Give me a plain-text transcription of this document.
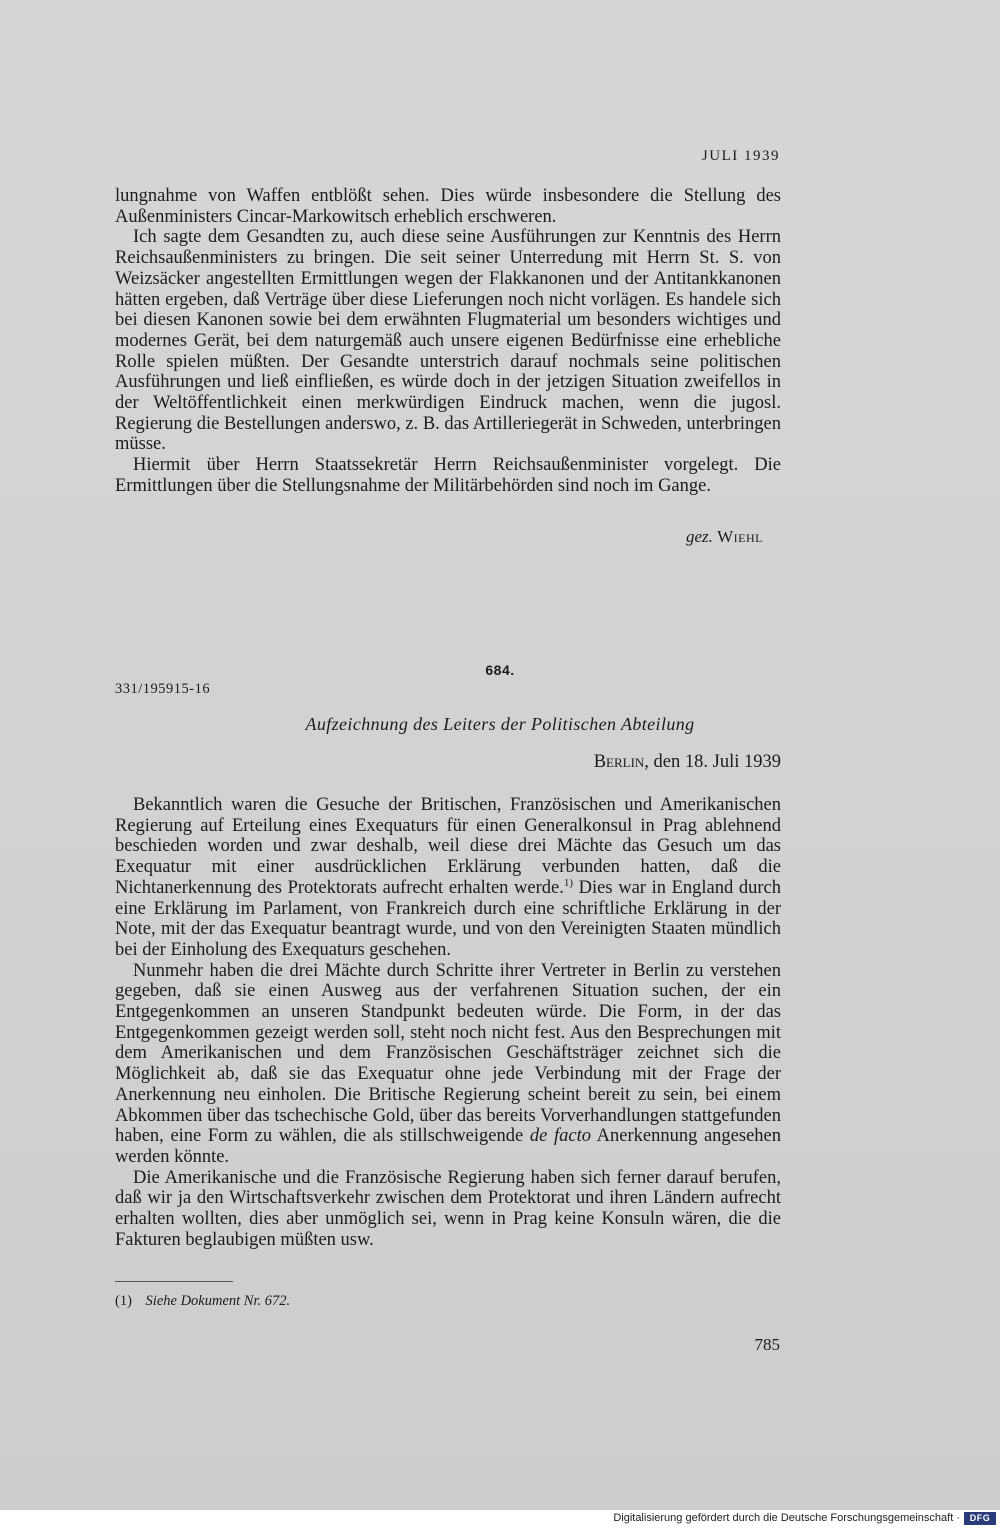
JULI 1939

lungnahme von Waffen entblößt sehen. Dies würde insbesondere die Stellung des Außenministers Cincar-Markowitsch erheblich erschweren.

Ich sagte dem Gesandten zu, auch diese seine Ausführungen zur Kenntnis des Herrn Reichsaußenministers zu bringen. Die seit seiner Unterredung mit Herrn St. S. von Weizsäcker angestellten Ermittlungen wegen der Flakkanonen und der Antitankkanonen hätten ergeben, daß Verträge über diese Lieferungen noch nicht vorlägen. Es handele sich bei diesen Kanonen sowie bei dem erwähnten Flugmaterial um besonders wichtiges und modernes Gerät, bei dem naturgemäß auch unsere eigenen Bedürfnisse eine erhebliche Rolle spielen müßten. Der Gesandte unterstrich darauf nochmals seine politischen Ausführungen und ließ einfließen, es würde doch in der jetzigen Situation zweifellos in der Weltöffentlichkeit einen merkwürdigen Eindruck machen, wenn die jugosl. Regierung die Bestellungen anderswo, z. B. das Artilleriegerät in Schweden, unterbringen müsse.

Hiermit über Herrn Staatssekretär Herrn Reichsaußenminister vorgelegt. Die Ermittlungen über die Stellungsnahme der Militärbehörden sind noch im Gange.

gez. Wiehl
684.
331/195915-16
Aufzeichnung des Leiters der Politischen Abteilung
Berlin, den 18. Juli 1939

Bekanntlich waren die Gesuche der Britischen, Französischen und Amerikanischen Regierung auf Erteilung eines Exequaturs für einen Generalkonsul in Prag ablehnend beschieden worden und zwar deshalb, weil diese drei Mächte das Gesuch um das Exequatur mit einer ausdrücklichen Erklärung verbunden hatten, daß die Nichtanerkennung des Protektorats aufrecht erhalten werde.$^{1)}$ Dies war in England durch eine Erklärung im Parlament, von Frankreich durch eine schriftliche Erklärung in der Note, mit der das Exequatur beantragt wurde, und von den Vereinigten Staaten mündlich bei der Einholung des Exequaturs geschehen.

Nunmehr haben die drei Mächte durch Schritte ihrer Vertreter in Berlin zu verstehen gegeben, daß sie einen Ausweg aus der verfahrenen Situation suchen, der ein Entgegenkommen an unseren Standpunkt bedeuten würde. Die Form, in der das Entgegenkommen gezeigt werden soll, steht noch nicht fest. Aus den Besprechungen mit dem Amerikanischen und dem Französischen Geschäftsträger zeichnet sich die Möglichkeit ab, daß sie das Exequatur ohne jede Verbindung mit der Frage der Anerkennung neu einholen. Die Britische Regierung scheint bereit zu sein, bei einem Abkommen über das tschechische Gold, über das bereits Vorverhandlungen stattgefunden haben, eine Form zu wählen, die als stillschweigende de facto Anerkennung angesehen werden könnte.

Die Amerikanische und die Französische Regierung haben sich ferner darauf berufen, daß wir ja den Wirtschaftsverkehr zwischen dem Protektorat und ihren Ländern aufrecht erhalten wollten, dies aber unmöglich sei, wenn in Prag keine Konsuln wären, die die Fakturen beglaubigen müßten usw.

(1) Siehe Dokument Nr. 672.
785
Digitalisierung gefördert durch die Deutsche Forschungsgemeinschaft ·	DFG
